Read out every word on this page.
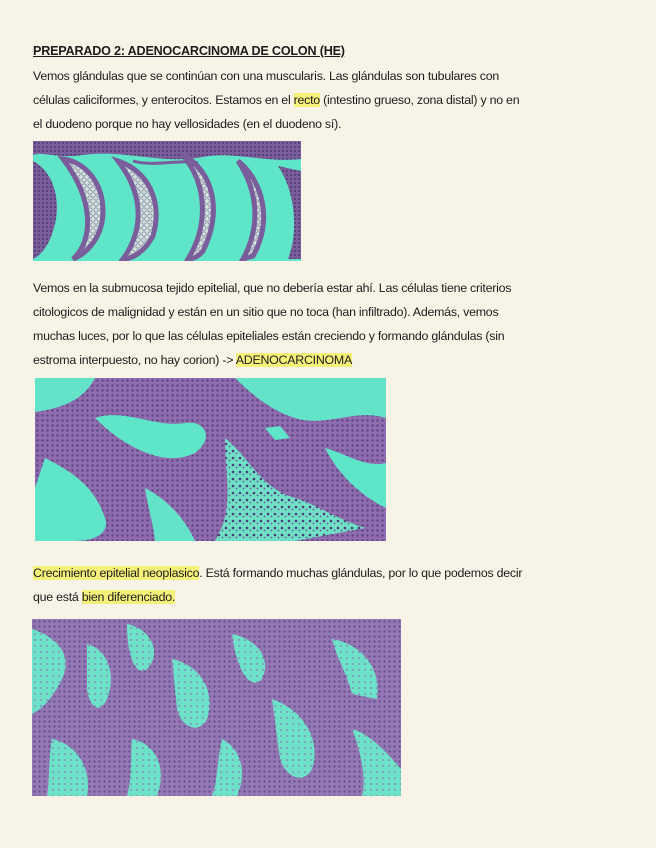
PREPARADO 2: ADENOCARCINOMA DE COLON (HE)

Vemos glándulas que se continúan con una muscularis. Las glándulas son tubulares con

células caliciformes, y enterocitos. Estamos en el recto (intestino grueso, zona distal) y no en

el duodeno porque no hay vellosidades (en el duodeno sí).

Vemos en la submucosa tejido epitelial, que no debería estar ahí. Las células tiene criterios

citologicos de malignidad y están en un sitio que no toca (han infiltrado). Además, vemos

muchas luces, por lo que las células epiteliales están creciendo y formando glándulas (sin

estroma interpuesto, no hay corion) -> ADENOCARCINOMA

Crecimiento epitelial neoplasico. Está formando muchas glándulas, por lo que podemos decir

que está bien diferenciado.
